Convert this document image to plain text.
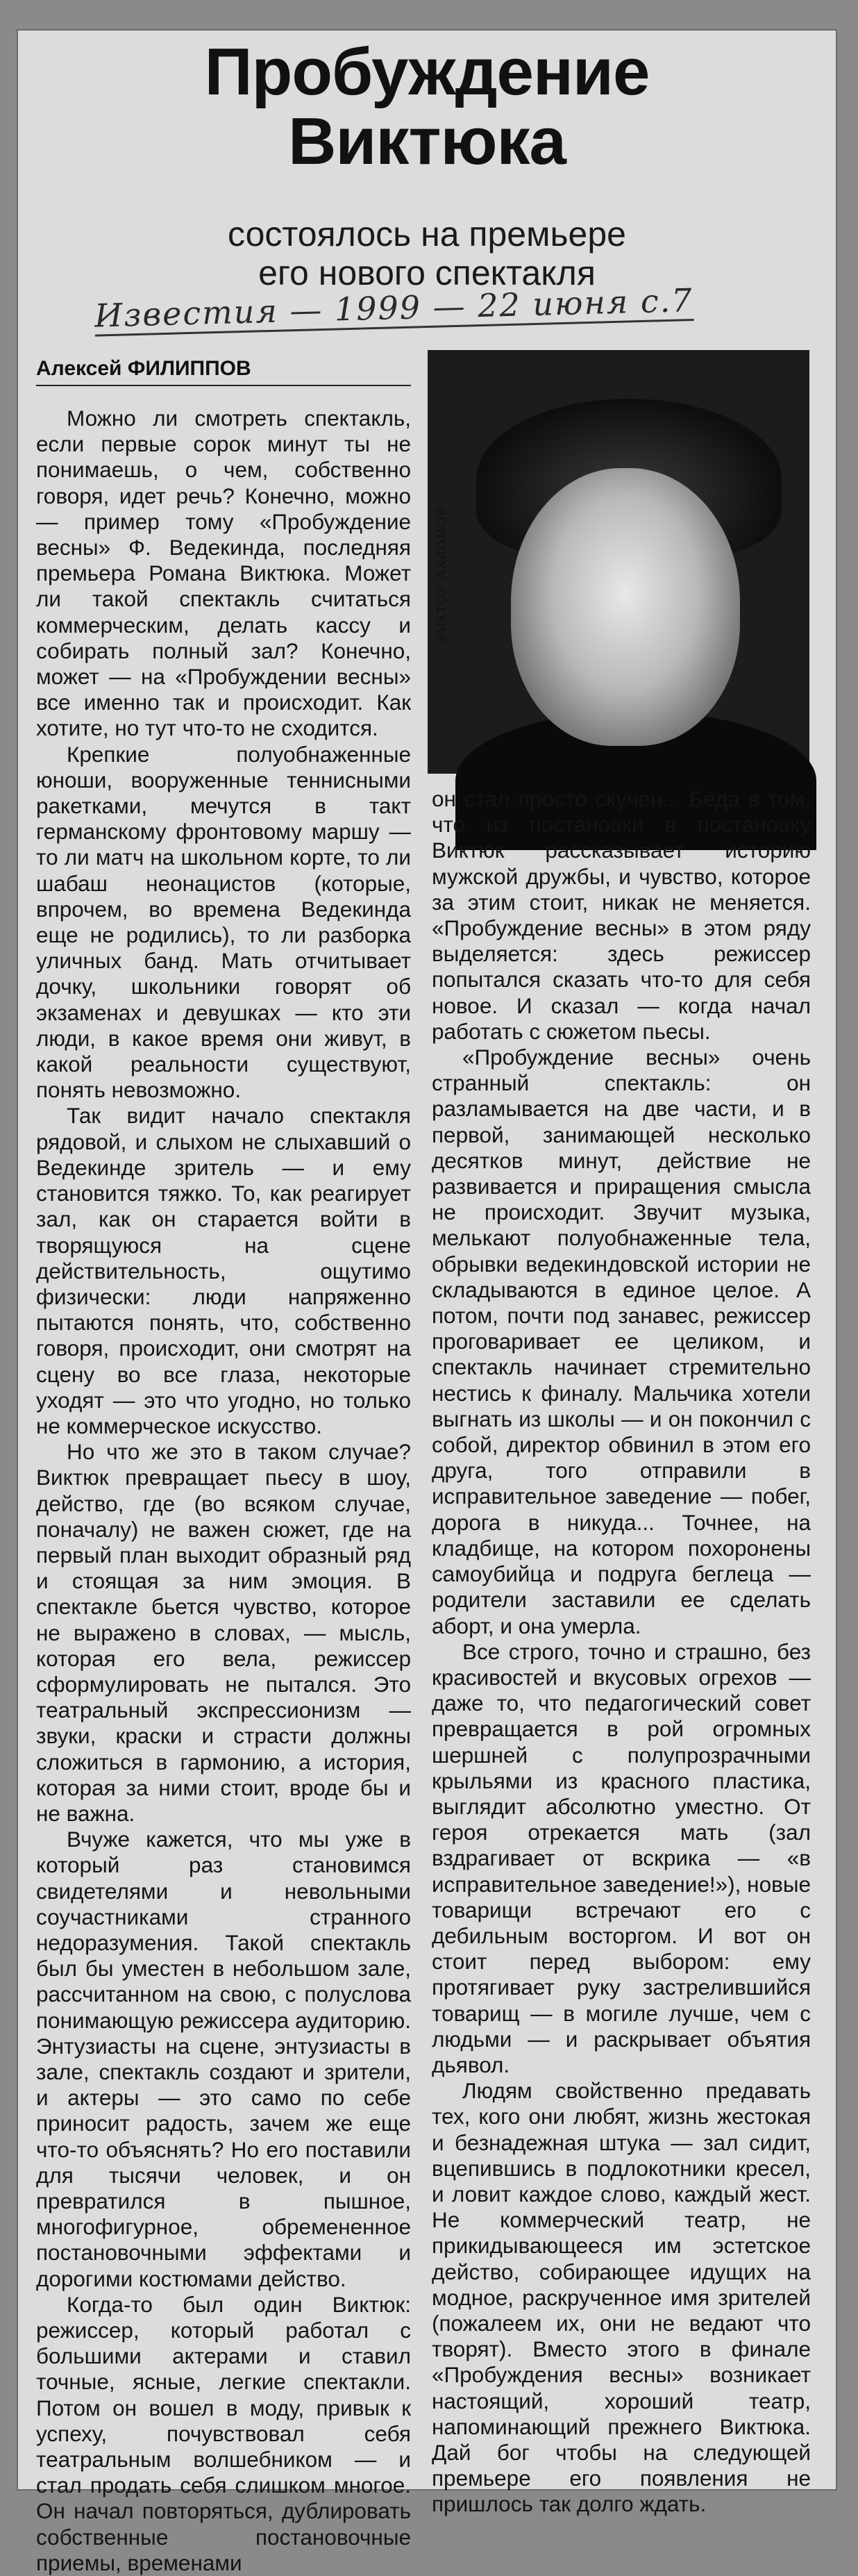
Пробуждение
Виктюка
состоялось на премьере
его нового спектакля
Известия — 1999 — 22 июня с.7
Алексей ФИЛИППОВ
ВИКТОР АХЛОМОВ

Можно ли смотреть спектакль, если первые сорок минут ты не понимаешь, о чем, собственно говоря, идет речь? Конечно, можно — пример тому «Пробуждение весны» Ф. Ведекинда, последняя премьера Романа Виктюка. Может ли такой спектакль считаться коммерческим, делать кассу и собирать полный зал? Конечно, может — на «Пробуждении весны» все именно так и происходит. Как хотите, но тут что-то не сходится.

Крепкие полуобнаженные юноши, вооруженные теннисными ракетками, мечутся в такт германскому фронтовому маршу — то ли матч на школьном корте, то ли шабаш неонацистов (которые, впрочем, во времена Ведекинда еще не родились), то ли разборка уличных банд. Мать отчитывает дочку, школьники говорят об экзаменах и девушках — кто эти люди, в какое время они живут, в какой реальности существуют, понять невозможно.

Так видит начало спектакля рядовой, и слыхом не слыхавший о Ведекинде зритель — и ему становится тяжко. То, как реагирует зал, как он старается войти в творящуюся на сцене действительность, ощутимо физически: люди напряженно пытаются понять, что, собственно говоря, происходит, они смотрят на сцену во все глаза, некоторые уходят — это что угодно, но только не коммерческое искусство.

Но что же это в таком случае? Виктюк превращает пьесу в шоу, действо, где (во всяком случае, поначалу) не важен сюжет, где на первый план выходит образный ряд и стоящая за ним эмоция. В спектакле бьется чувство, которое не выражено в словах, — мысль, которая его вела, режиссер сформулировать не пытался. Это театральный экспрессионизм — звуки, краски и страсти должны сложиться в гармонию, а история, которая за ними стоит, вроде бы и не важна.

Вчуже кажется, что мы уже в который раз становимся свидетелями и невольными соучастниками странного недоразумения. Такой спектакль был бы уместен в небольшом зале, рассчитанном на свою, с полуслова понимающую режиссера аудиторию. Энтузиасты на сцене, энтузиасты в зале, спектакль создают и зрители, и актеры — это само по себе приносит радость, зачем же еще что-то объяснять? Но его поставили для тысячи человек, и он превратился в пышное, многофигурное, обремененное постановочными эффектами и дорогими костюмами действо.

Когда-то был один Виктюк: режиссер, который работал с большими актерами и ставил точные, ясные, легкие спектакли. Потом он вошел в моду, привык к успеху, почувствовал себя театральным волшебником — и стал продать себя слишком многое. Он начал повторяться, дублировать собственные постановочные приемы, временами

он стал просто скучен... Беда в том, что из постановки в постановку Виктюк рассказывает историю мужской дружбы, и чувство, которое за этим стоит, никак не меняется. «Пробуждение весны» в этом ряду выделяется: здесь режиссер попытался сказать что-то для себя новое. И сказал — когда начал работать с сюжетом пьесы.

«Пробуждение весны» очень странный спектакль: он разламывается на две части, и в первой, занимающей несколько десятков минут, действие не развивается и приращения смысла не происходит. Звучит музыка, мелькают полуобнаженные тела, обрывки ведекиндовской истории не складываются в единое целое. А потом, почти под занавес, режиссер проговаривает ее целиком, и спектакль начинает стремительно нестись к финалу. Мальчика хотели выгнать из школы — и он покончил с собой, директор обвинил в этом его друга, того отправили в исправительное заведение — побег, дорога в никуда... Точнее, на кладбище, на котором похоронены самоубийца и подруга беглеца — родители заставили ее сделать аборт, и она умерла.

Все строго, точно и страшно, без красивостей и вкусовых огрехов — даже то, что педагогический совет превращается в рой огромных шершней с полупрозрачными крыльями из красного пластика, выглядит абсолютно уместно. От героя отрекается мать (зал вздрагивает от вскрика — «в исправительное заведение!»), новые товарищи встречают его с дебильным восторгом. И вот он стоит перед выбором: ему протягивает руку застрелившийся товарищ — в могиле лучше, чем с людьми — и раскрывает объятия дьявол.

Людям свойственно предавать тех, кого они любят, жизнь жестокая и безнадежная штука — зал сидит, вцепившись в подлокотники кресел, и ловит каждое слово, каждый жест. Не коммерческий театр, не прикидывающееся им эстетское действо, собирающее идущих на модное, раскрученное имя зрителей (пожалеем их, они не ведают что творят). Вместо этого в финале «Пробуждения весны» возникает настоящий, хороший театр, напоминающий прежнего Виктюка. Дай бог чтобы на следующей премьере его появления не пришлось так долго ждать.
